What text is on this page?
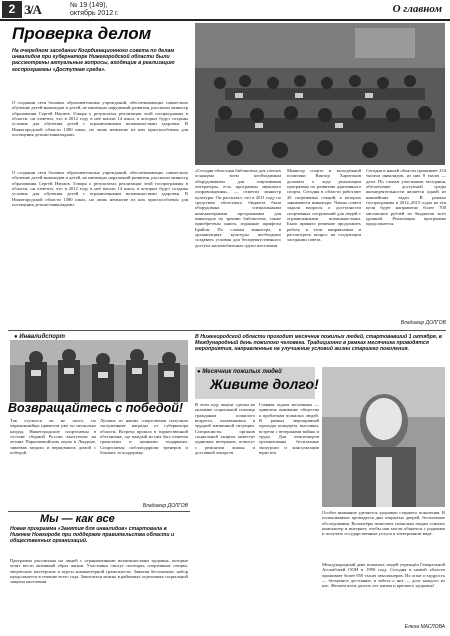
2 З/А	№ 19 (149),
октябрь 2012 г.	О главном
Проверка делом
На очередном заседании Координационного совета по делам инвалидов при губернаторе Нижегородской области были рассмотрены актуальные вопросы, входящие в реализацию госпрограммы «Доступная среда».
О создании сети базовых образовательных учреждений, обеспечивающих совместное обучение детей-инвалидов и детей, не имеющих нарушений развития, рассказал министр образования Сергей Наумов. Говоря о результатах реализации этой госпрограммы в области, он отметил, что в 2012 году в неё вошли 14 школ, в которых будут созданы условия для обучения детей с ограниченными возможностями здоровья. В Нижегородской области 1380 школ, но лишь немногие из них приспособлены для посещения детьми-инвалидами.
О создании сети базовых образовательных учреждений, обеспечивающих совместное обучение детей-инвалидов и детей, не имеющих нарушений развития, рассказал министр образования Сергей Наумов. Говоря о результатах реализации этой госпрограммы в области, он отметил, что в 2012 году в неё вошли 14 школ, в которых будут созданы условия для обучения детей с ограниченными возможностями здоровья. В Нижегородской области 1380 школ, но лишь немногие из них приспособлены для посещения детьми-инвалидами.
«Сегодня областная библиотека для слепых оснащена всем необходимым оборудованием для озвучивания литературы, есть программы звукового сопровождения», — отметил министр культуры. Он рассказал, что в 2011 году по средствам областного бюджета была оборудована специальными компьютерными программами для инвалидов по зрению библиотека, также приобретены книги, изданные шрифтом Брайля. По словам министра, в организациях культуры необходимо создавать условия для беспрепятственного доступа маломобильных групп населения.
Министр спорта и молодёжной политики Виктор Харитонов доложил о ходе реализации программы по развитию адаптивного спорта. Сегодня в области работают 26 спортивных секций, в которых занимаются инвалиды. Члены совета задали вопросы о доступности спортивных сооружений для людей с ограниченными возможностями. Было принято решение продолжить работу в этом направлении и рассмотреть вопрос на следующем заседании совета.
Сегодня в нашей области проживает 254 тысячи инвалидов, из них 9 тысяч — дети. По словам участников заседания, обеспечение доступной среды жизнедеятельности является одной из важнейших задач. В рамках госпрограммы в 2012–2015 годах на эти цели будет направлено более 700 миллионов рублей из бюджетов всех уровней. Реализация программы продолжается.
Владимир ДОЛГОВ
● Инвалидспорт
Возвращайтесь с победой!
Так случится ли не часто, но паралимпийцы привезли уже по несколько наград. Нижегородские спортсмены в составе сборной России выступили на летних Паралимпийских играх в Лондоне, завоевав медали и вернувшись домой с победой.
Лучшие из наших спортсменов получили заслуженные награды от губернатора области. Встреча прошла в торжественной обстановке, где каждый из них был отмечен грамотами и ценными подарками. Спортсмены поблагодарили тренеров и близких за поддержку.
Владимир ДОЛГОВ
Мы — как все
Новая программа «Занятия для инвалидов» стартовала в Нижнем Новгороде при поддержке правительства области и общественных организаций.
Программа рассчитана на людей с ограниченными возможностями здоровья, которые хотят вести активный образ жизни. Участники смогут посещать спортивные секции, творческие мастерские и курсы компьютерной грамотности. Занятия бесплатные, набор продолжается в течение всего года. Записаться можно в районных отделениях социальной защиты населения.
В Нижегородской области проходит месячник пожилых людей, стартовавший 1 октября, в Международный день пожилого человека. Традиционно в рамках месячника проводятся мероприятия, направленные на улучшение условий жизни старшего поколения.
● Месячник пожилых людей
Живите долго!
В этом году акцент сделан на оказание социальной помощи гражданам пожилого возраста, оказавшимся в трудной жизненной ситуации. Специалисты органов социальной защиты навестят одиноких ветеранов, помогут с ремонтом жилья и доставкой лекарств.
Главная задача месячника — привлечь внимание общества к проблемам пожилых людей. В рамках мероприятий проходят концерты, выставки, встречи с ветеранами войны и труда. Для пенсионеров организованы бесплатные экскурсии и консультации юристов.
Особое внимание уделяется здоровью старшего поколения. В поликлиниках проводятся дни открытых дверей, бесплатные обследования. Волонтёры помогают пожилым людям освоить компьютер и интернет, чтобы они могли общаться с родными и получать государственные услуги в электронном виде.
Международный день пожилых людей учреждён Генеральной Ассамблеей ООН в 1990 году. Сегодня в нашей области проживает более 850 тысяч пенсионеров. Их опыт и мудрость — бесценное достояние, и забота о них — долг каждого из нас. Желаем всем долгих лет жизни и крепкого здоровья!
Елена МАСЛОВА
